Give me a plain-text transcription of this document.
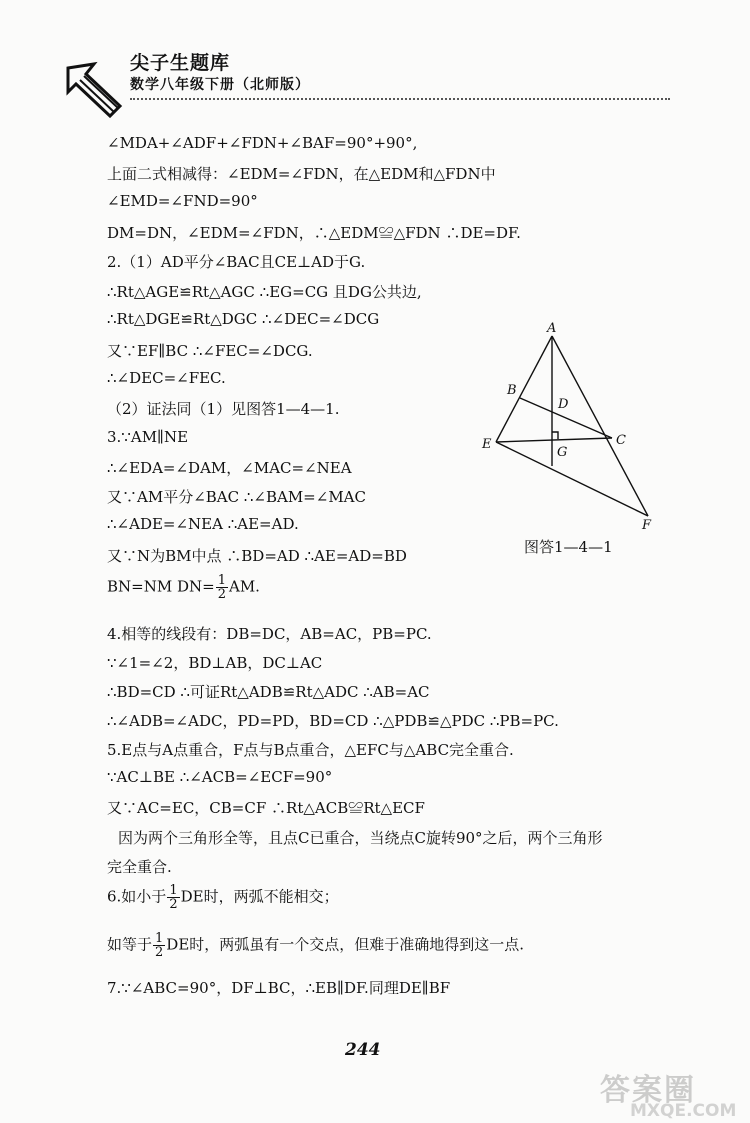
尖子生题库
数学八年级下册（北师版）
∠MDA+∠ADF+∠FDN+∠BAF=90°+90°,
上面二式相减得：∠EDM=∠FDN，在△EDM和△FDN中
∠EMD=∠FND=90°
DM=DN，∠EDM=∠FDN，∴△EDM≌△FDN ∴DE=DF.
2.（1）AD平分∠BAC且CE⊥AD于G.
∴Rt△AGE≌Rt△AGC ∴EG=CG 且DG公共边,
∴Rt△DGE≌Rt△DGC ∴∠DEC=∠DCG
又∵EF∥BC ∴∠FEC=∠DCG.
∴∠DEC=∠FEC.
（2）证法同（1）见图答1—4—1.
3.∵AM∥NE
∴∠EDA=∠DAM，∠MAC=∠NEA
又∵AM平分∠BAC ∴∠BAM=∠MAC
∴∠ADE=∠NEA ∴AE=AD.
又∵N为BM中点 ∴BD=AD ∴AE=AD=BD
BN=NM $DN= \frac{1}{2}$ AM.
4.相等的线段有：DB=DC，AB=AC，PB=PC.
∵∠1=∠2，BD⊥AB，DC⊥AC
∴BD=CD ∴可证Rt△ADB≌Rt△ADC ∴AB=AC
∴∠ADB=∠ADC，PD=PD，BD=CD ∴△PDB≌△PDC ∴PB=PC.
5.E点与A点重合，F点与B点重合，△EFC与△ABC完全重合.
∵AC⊥BE ∴∠ACB=∠ECF=90°
又∵AC=EC，CB=CF ∴Rt△ACB≌Rt△ECF
因为两个三角形全等，且点C已重合，当绕点C旋转90°之后，两个三角形
完全重合.
6.如小于 $\frac{1}{2}$ DE时，两弧不能相交；
如等于 $\frac{1}{2}$ DE时，两弧虽有一个交点，但难于准确地得到这一点.
7.∵∠ABC=90°，DF⊥BC，∴EB∥DF.同理DE∥BF
A
B
D
E	C
G
F
图答1—4—1
244
答案圈
MXQE.COM
